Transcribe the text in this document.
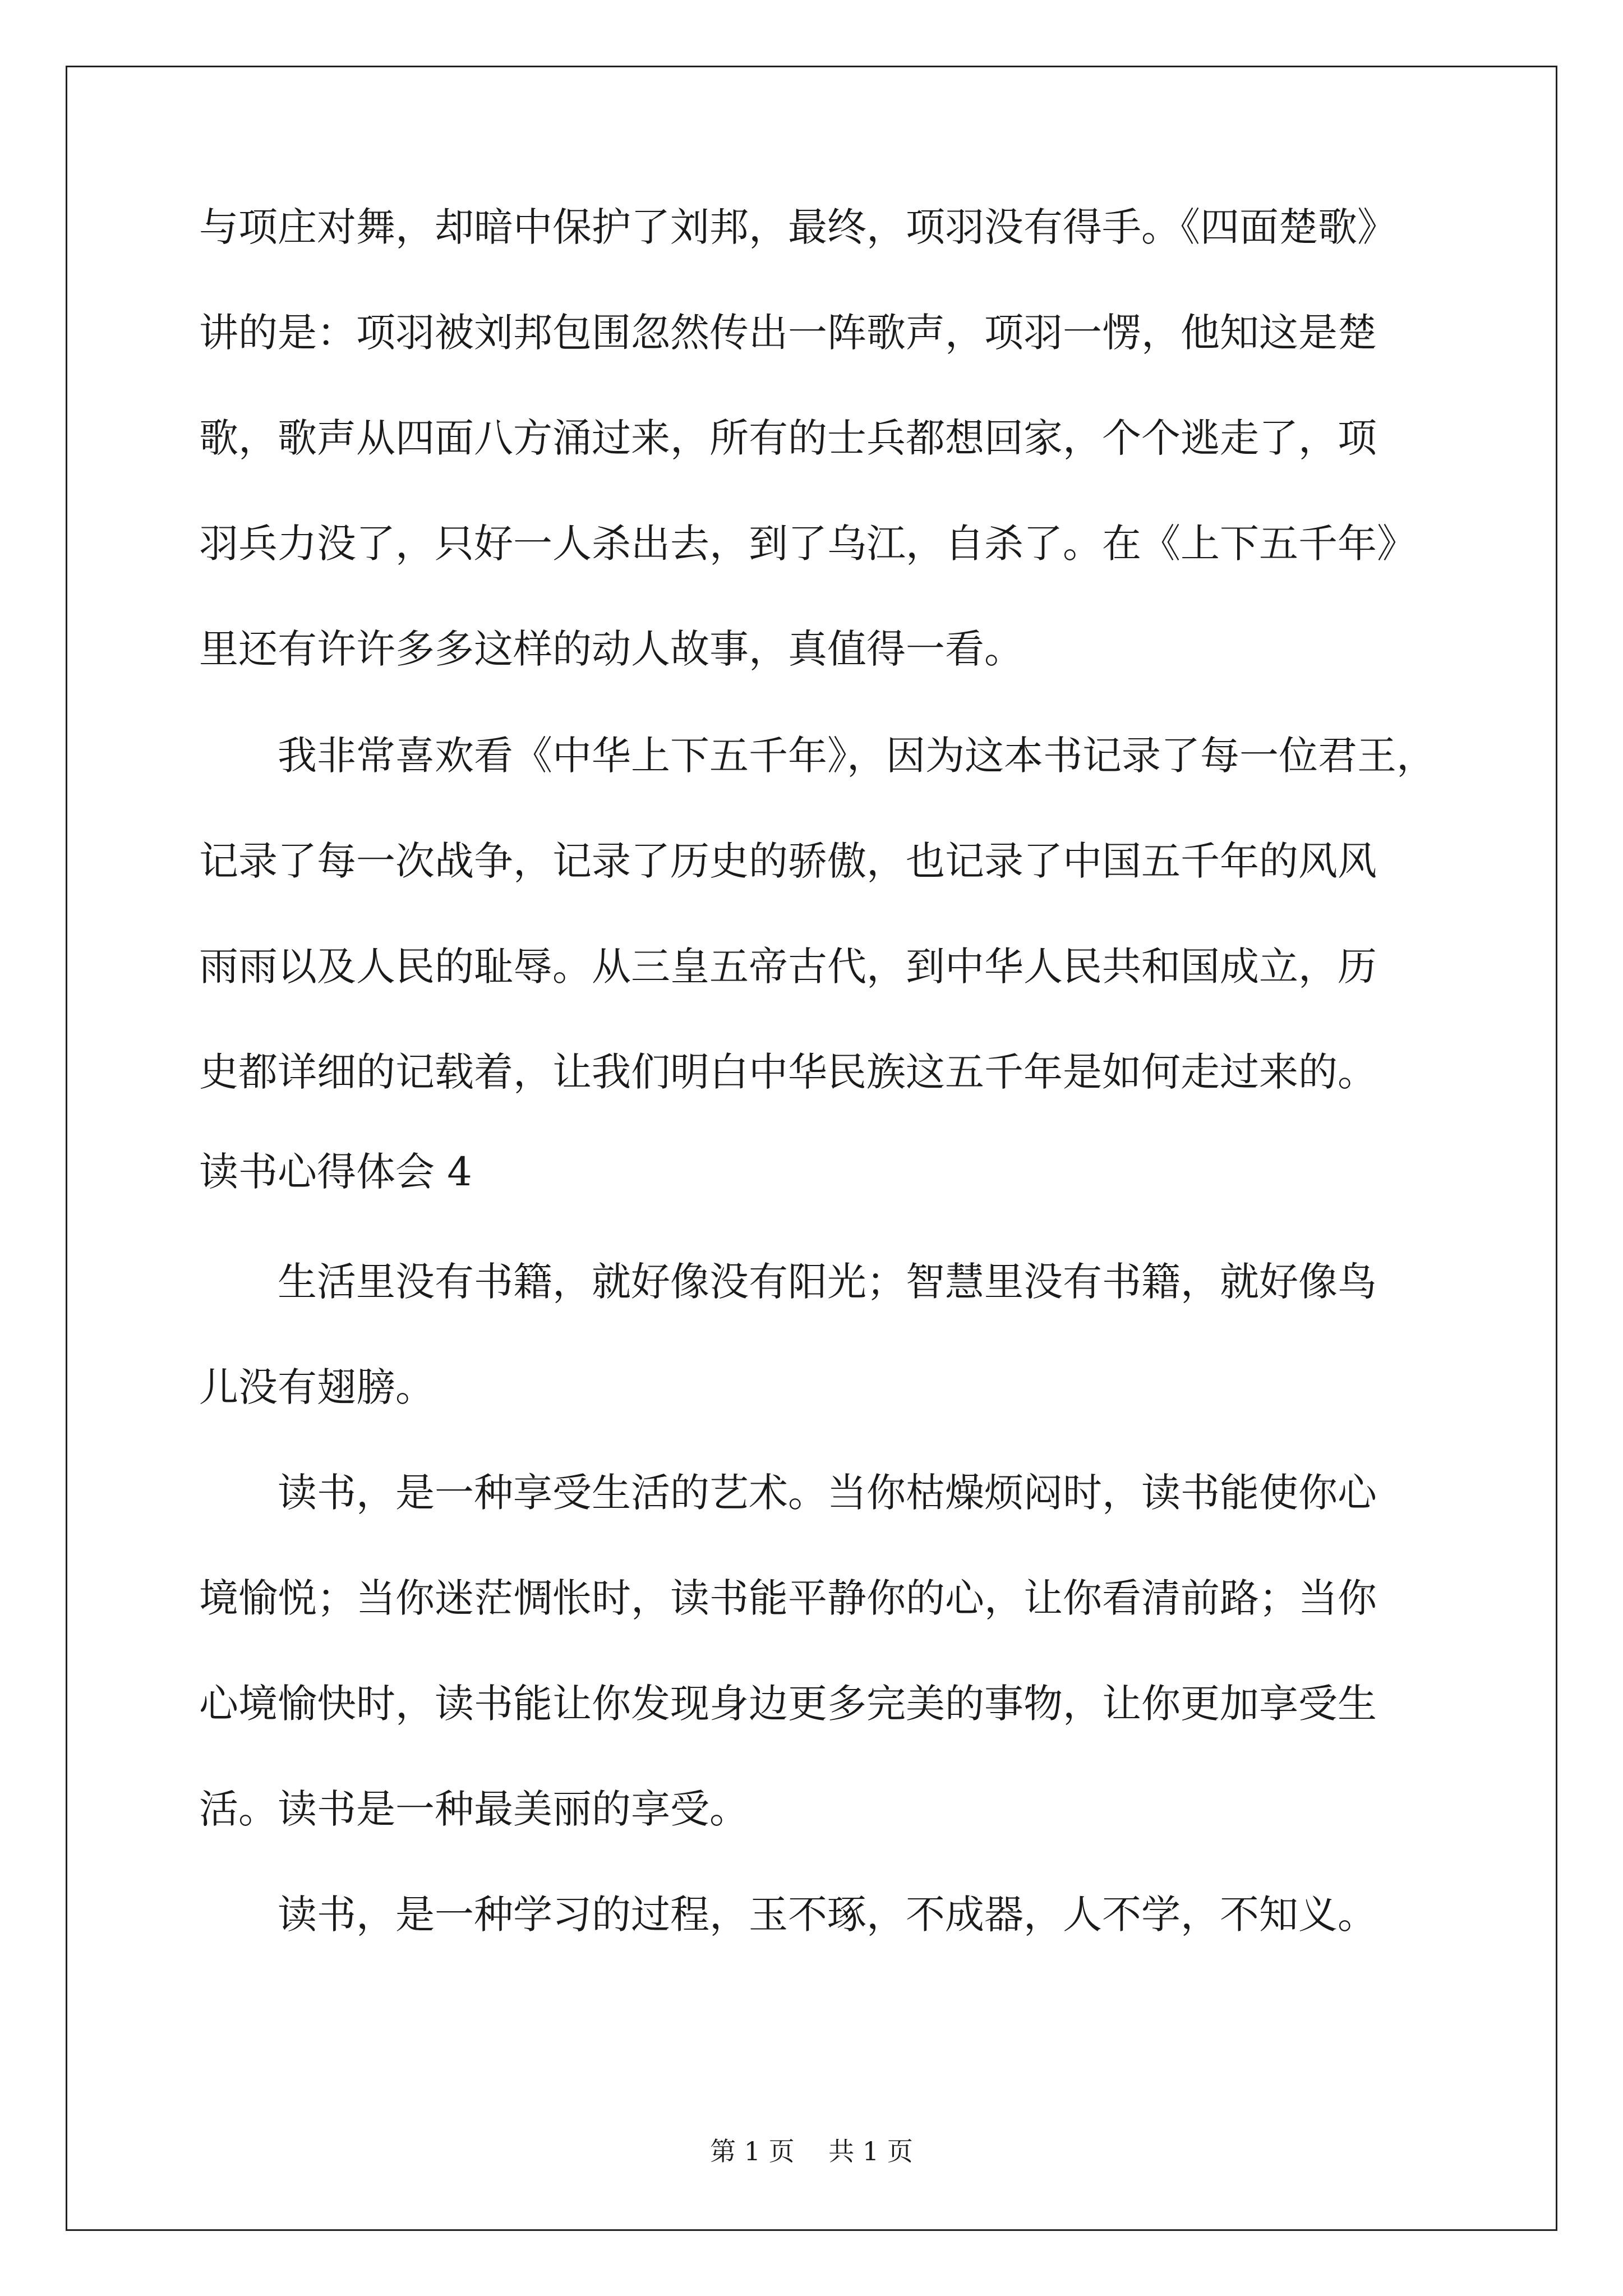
与项庄对舞，却暗中保护了刘邦，最终，项羽没有得手。《四面楚歌》
讲的是：项羽被刘邦包围忽然传出一阵歌声，项羽一愣，他知这是楚
歌，歌声从四面八方涌过来，所有的士兵都想回家，个个逃走了，项
羽兵力没了，只好一人杀出去，到了乌江，自杀了。在《上下五千年》
里还有许许多多这样的动人故事，真值得一看。
　　我非常喜欢看《中华上下五千年》，因为这本书记录了每一位君王，
记录了每一次战争，记录了历史的骄傲，也记录了中国五千年的风风
雨雨以及人民的耻辱。从三皇五帝古代，到中华人民共和国成立，历
史都详细的记载着，让我们明白中华民族这五千年是如何走过来的。
读书心得体会 4
　　生活里没有书籍，就好像没有阳光；智慧里没有书籍，就好像鸟
儿没有翅膀。
　　读书，是一种享受生活的艺术。当你枯燥烦闷时，读书能使你心
境愉悦；当你迷茫惆怅时，读书能平静你的心，让你看清前路；当你
心境愉快时，读书能让你发现身边更多完美的事物，让你更加享受生
活。读书是一种最美丽的享受。
　　读书，是一种学习的过程，玉不琢，不成器，人不学，不知义。
第 1 页　 共 1 页
